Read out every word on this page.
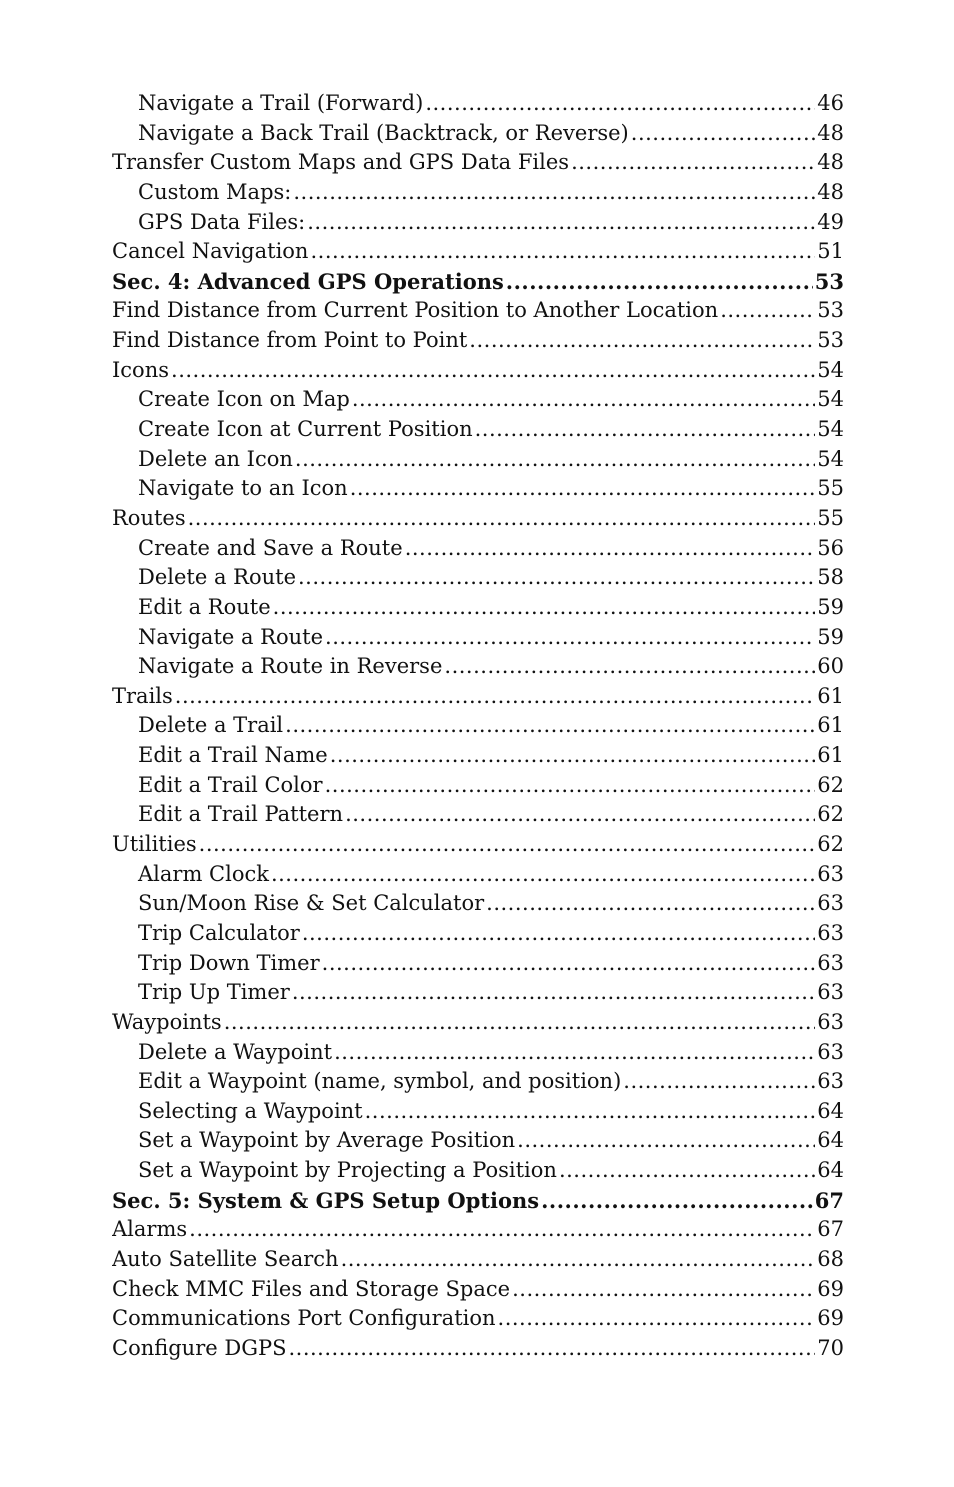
Navigate a Trail (Forward) .....	46
Navigate a Back Trail (Backtrack, or Reverse) .....	48
Transfer Custom Maps and GPS Data Files .....	48
Custom Maps: .....	48
GPS Data Files: .....	49
Cancel Navigation .....	51
Sec. 4: Advanced GPS Operations .....	53
Find Distance from Current Position to Another Location .....	53
Find Distance from Point to Point .....	53
Icons .....	54
Create Icon on Map .....	54
Create Icon at Current Position .....	54
Delete an Icon .....	54
Navigate to an Icon .....	55
Routes .....	55
Create and Save a Route .....	56
Delete a Route .....	58
Edit a Route .....	59
Navigate a Route .....	59
Navigate a Route in Reverse .....	60
Trails .....	61
Delete a Trail .....	61
Edit a Trail Name .....	61
Edit a Trail Color .....	62
Edit a Trail Pattern .....	62
Utilities .....	62
Alarm Clock .....	63
Sun/Moon Rise & Set Calculator .....	63
Trip Calculator .....	63
Trip Down Timer .....	63
Trip Up Timer .....	63
Waypoints .....	63
Delete a Waypoint .....	63
Edit a Waypoint (name, symbol, and position) .....	63
Selecting a Waypoint .....	64
Set a Waypoint by Average Position .....	64
Set a Waypoint by Projecting a Position .....	64
Sec. 5: System & GPS Setup Options .....	67
Alarms .....	67
Auto Satellite Search .....	68
Check MMC Files and Storage Space .....	69
Communications Port Configuration .....	69
Configure DGPS .....	70
